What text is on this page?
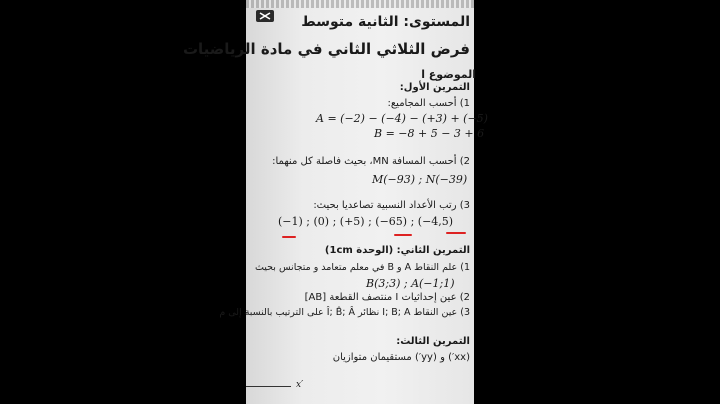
المستوى: الثانية متوسط
فرض الثلاثي الثاني في مادة الرياضيات
الموضوع ا
التمرين الأول:
1) أحسب المجاميع:
A = (−2) − (−4) − (+3) + (−5)
B = −8 + 5 − 3 + 6
2) أحسب المسافة MN، بحيث فاصلة كل منهما:
M(−93) ; N(−39)
3) رتب الأعداد النسبية تصاعديا بحيث:
(−1) ; (0) ; (+5) ; (−65) ; (−4,5)
التمرين الثاني: (الوحدة 1cm)
1) علم النقاط A و B في معلم متعامد و متجانس بحيث
B(3;3) ; A(−1;1)
2) عين إحداثيات I منتصف القطعة [AB]
3) عين النقاط I; B; A نظائر Î; B̂; Â على الترتيب بالنسبة إلى م
التمرين الثالث:
(xx′) و (yy′) مستقيمان متوازيان
x′
